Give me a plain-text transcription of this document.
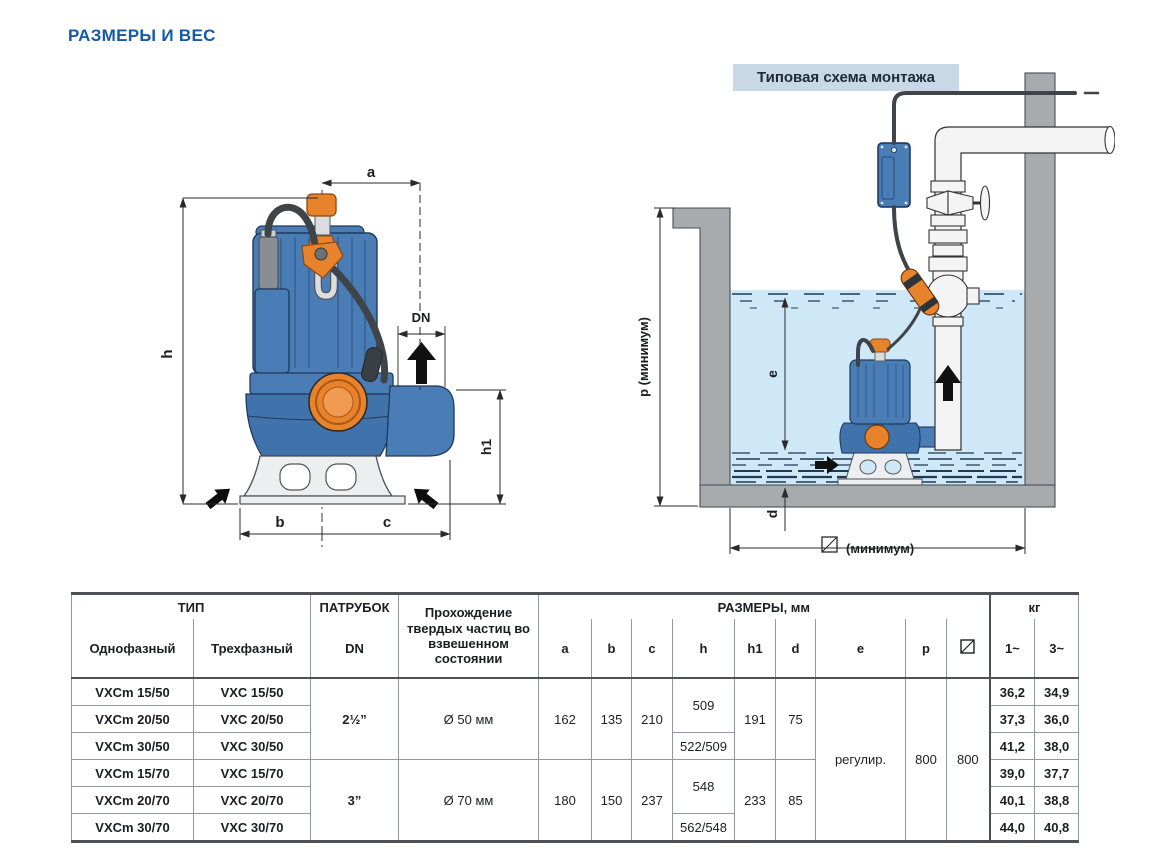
РАЗМЕРЫ И ВЕС
Типовая схема монтажа
a
h
DN
h1
b	c
р (минимум)	e
d
(минимум)
ТИП		ПАТРУБОК	Прохождение твердых частиц во взвешенном состоянии	РАЗМЕРЫ, мм									кг	
Однофазный	Трехфазный	DN		a	b	c	h	h1	d	e	p		1~	3~
VXCm 15/50	VXC 15/50	2½”	Ø 50 мм	162	135	210	509	191	75	регулир.	800	800	36,2	34,9
VXCm 20/50	VXC 20/50												37,3	36,0
VXCm 30/50	VXC 30/50						522/509						41,2	38,0
VXCm 15/70	VXC 15/70	3”	Ø 70 мм	180	150	237	548	233	85				39,0	37,7
VXCm 20/70	VXC 20/70												40,1	38,8
VXCm 30/70	VXC 30/70						562/548						44,0	40,8
